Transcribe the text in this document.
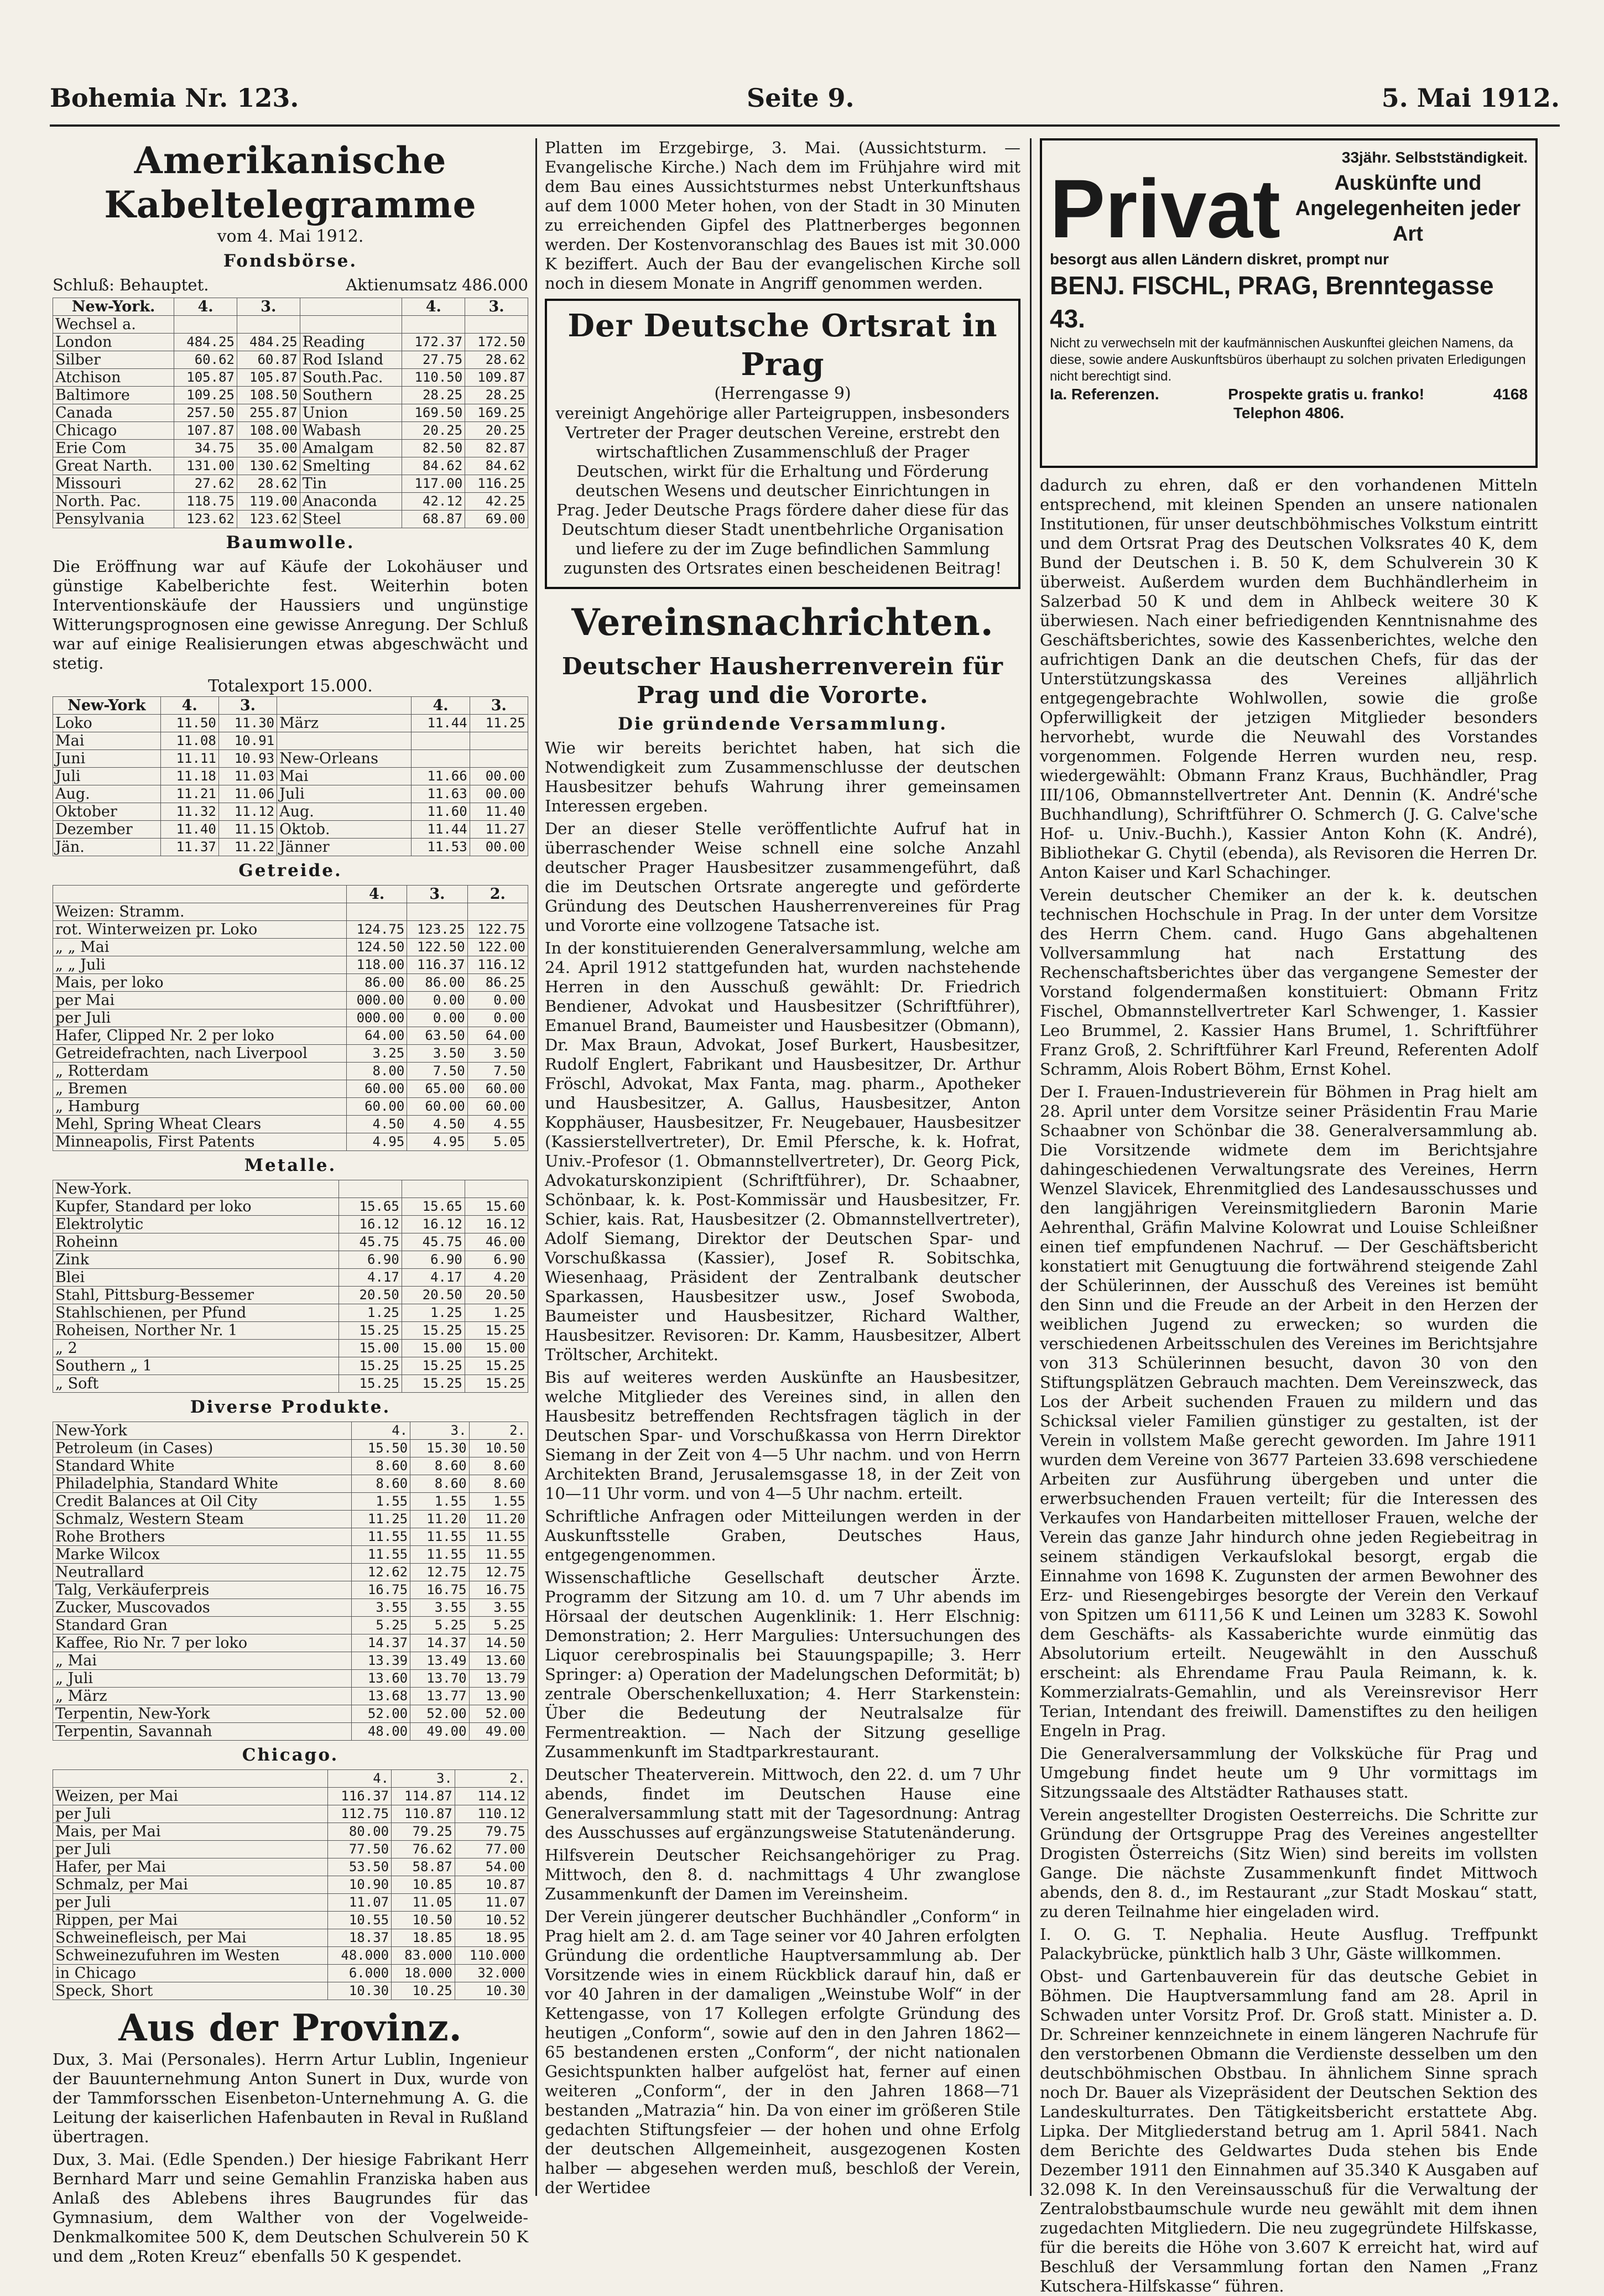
Bohemia Nr. 123.	Seite 9.	5. Mai 1912.
Amerikanische Kabeltelegramme
vom 4. Mai 1912.
Fondsbörse.
Schluß: Behauptet.	Aktienumsatz 486.000
New-York.	4.	3.		4.	3.
Wechsel a.					
London	484.25	484.25	Reading	172.37	172.50
Silber	60.62	60.87	Rod Island	27.75	28.62
Atchison	105.87	105.87	South.Pac.	110.50	109.87
Baltimore	109.25	108.50	Southern	28.25	28.25
Canada	257.50	255.87	Union	169.50	169.25
Chicago	107.87	108.00	Wabash	20.25	20.25
Erie Com	34.75	35.00	Amalgam	82.50	82.87
Great Narth.	131.00	130.62	Smelting	84.62	84.62
Missouri	27.62	28.62	Tin	117.00	116.25
North. Pac.	118.75	119.00	Anaconda	42.12	42.25
Pensylvania	123.62	123.62	Steel	68.87	69.00
Baumwolle.

Die Eröffnung war auf Käufe der Lokohäuser und günstige Kabelberichte fest. Weiterhin boten Interventionskäufe der Haussiers und ungünstige Witterungsprognosen eine gewisse Anregung. Der Schluß war auf einige Realisierungen etwas abgeschwächt und stetig.

Totalexport 15.000.
New-York	4.	3.		4.	3.
Loko	11.50	11.30	März	11.44	11.25
Mai	11.08	10.91			
Juni	11.11	10.93	New-Orleans		
Juli	11.18	11.03	Mai	11.66	00.00
Aug.	11.21	11.06	Juli	11.63	00.00
Oktober	11.32	11.12	Aug.	11.60	11.40
Dezember	11.40	11.15	Oktob.	11.44	11.27
Jän.	11.37	11.22	Jänner	11.53	00.00
Getreide.
	4.	3.	2.
Weizen: Stramm.			
rot. Winterweizen pr. Loko	124.75	123.25	122.75
„ „ Mai	124.50	122.50	122.00
„ „ Juli	118.00	116.37	116.12
Mais, per loko	86.00	86.00	86.25
per Mai	000.00	0.00	0.00
per Juli	000.00	0.00	0.00
Hafer, Clipped Nr. 2 per loko	64.00	63.50	64.00
Getreidefrachten, nach Liverpool	3.25	3.50	3.50
„ Rotterdam	8.00	7.50	7.50
„ Bremen	60.00	65.00	60.00
„ Hamburg	60.00	60.00	60.00
Mehl, Spring Wheat Clears	4.50	4.50	4.55
Minneapolis, First Patents	4.95	4.95	5.05
Metalle.
New-York.			
Kupfer, Standard per loko	15.65	15.65	15.60
Elektrolytic	16.12	16.12	16.12
Roheinn	45.75	45.75	46.00
Zink	6.90	6.90	6.90
Blei	4.17	4.17	4.20
Stahl, Pittsburg-Bessemer	20.50	20.50	20.50
Stahlschienen, per Pfund	1.25	1.25	1.25
Roheisen, Norther Nr. 1	15.25	15.25	15.25
„ 2	15.00	15.00	15.00
Southern „ 1	15.25	15.25	15.25
„ Soft	15.25	15.25	15.25
Diverse Produkte.
New-York	4.	3.	2.
Petroleum (in Cases)	15.50	15.30	10.50
Standard White	8.60	8.60	8.60
Philadelphia, Standard White	8.60	8.60	8.60
Credit Balances at Oil City	1.55	1.55	1.55
Schmalz, Western Steam	11.25	11.20	11.20
Rohe Brothers	11.55	11.55	11.55
Marke Wilcox	11.55	11.55	11.55
Neutrallard	12.62	12.75	12.75
Talg, Verkäuferpreis	16.75	16.75	16.75
Zucker, Muscovados	3.55	3.55	3.55
Standard Gran	5.25	5.25	5.25
Kaffee, Rio Nr. 7 per loko	14.37	14.37	14.50
„ Mai	13.39	13.49	13.60
„ Juli	13.60	13.70	13.79
„ März	13.68	13.77	13.90
Terpentin, New-York	52.00	52.00	52.00
Terpentin, Savannah	48.00	49.00	49.00
Chicago.
	4.	3.	2.
Weizen, per Mai	116.37	114.87	114.12
per Juli	112.75	110.87	110.12
Mais, per Mai	80.00	79.25	79.75
per Juli	77.50	76.62	77.00
Hafer, per Mai	53.50	58.87	54.00
Schmalz, per Mai	10.90	10.85	10.87
per Juli	11.07	11.05	11.07
Rippen, per Mai	10.55	10.50	10.52
Schweinefleisch, per Mai	18.37	18.85	18.95
Schweinezufuhren im Westen	48.000	83.000	110.000
in Chicago	6.000	18.000	32.000
Speck, Short	10.30	10.25	10.30
Aus der Provinz.

Dux, 3. Mai (Personales). Herrn Artur Lublin, Ingenieur der Bauunternehmung Anton Sunert in Dux, wurde von der Tammforsschen Eisenbeton-Unternehmung A. G. die Leitung der kaiserlichen Hafenbauten in Reval in Rußland übertragen.

Dux, 3. Mai. (Edle Spenden.) Der hiesige Fabrikant Herr Bernhard Marr und seine Gemahlin Franziska haben aus Anlaß des Ablebens ihres Baugrundes für das Gymnasium, dem Walther von der Vogelweide-Denkmalkomitee 500 K, dem Deutschen Schulverein 50 K und dem „Roten Kreuz“ ebenfalls 50 K gespendet.

Platten im Erzgebirge, 3. Mai. (Aussichtsturm. — Evangelische Kirche.) Nach dem im Frühjahre wird mit dem Bau eines Aussichtsturmes nebst Unterkunftshaus auf dem 1000 Meter hohen, von der Stadt in 30 Minuten zu erreichenden Gipfel des Plattnerberges begonnen werden. Der Kostenvoranschlag des Baues ist mit 30.000 K beziffert. Auch der Bau der evangelischen Kirche soll noch in diesem Monate in Angriff genommen werden.

Der Deutsche Ortsrat in Prag
(Herrengasse 9)

vereinigt Angehörige aller Parteigruppen, insbesonders Vertreter der Prager deutschen Vereine, erstrebt den wirtschaftlichen Zusammenschluß der Prager Deutschen, wirkt für die Erhaltung und Förderung deutschen Wesens und deutscher Einrichtungen in Prag. Jeder Deutsche Prags fördere daher diese für das Deutschtum dieser Stadt unentbehrliche Organisation und liefere zu der im Zuge befindlichen Sammlung zugunsten des Ortsrates einen bescheidenen Beitrag!

Vereinsnachrichten.
Deutscher Hausherrenverein für Prag und die Vororte.
Die gründende Versammlung.

Wie wir bereits berichtet haben, hat sich die Notwendigkeit zum Zusammenschlusse der deutschen Hausbesitzer behufs Wahrung ihrer gemeinsamen Interessen ergeben.

Der an dieser Stelle veröffentlichte Aufruf hat in überraschender Weise schnell eine solche Anzahl deutscher Prager Hausbesitzer zusammengeführt, daß die im Deutschen Ortsrate angeregte und geförderte Gründung des Deutschen Hausherrenvereines für Prag und Vororte eine vollzogene Tatsache ist.

In der konstituierenden Generalversammlung, welche am 24. April 1912 stattgefunden hat, wurden nachstehende Herren in den Ausschuß gewählt: Dr. Friedrich Bendiener, Advokat und Hausbesitzer (Schriftführer), Emanuel Brand, Baumeister und Hausbesitzer (Obmann), Dr. Max Braun, Advokat, Josef Burkert, Hausbesitzer, Rudolf Englert, Fabrikant und Hausbesitzer, Dr. Arthur Fröschl, Advokat, Max Fanta, mag. pharm., Apotheker und Hausbesitzer, A. Gallus, Hausbesitzer, Anton Kopphäuser, Hausbesitzer, Fr. Neugebauer, Hausbesitzer (Kassierstellvertreter), Dr. Emil Pfersche, k. k. Hofrat, Univ.-Profesor (1. Obmannstellvertreter), Dr. Georg Pick, Advokaturskonzipient (Schriftführer), Dr. Schaabner, Schönbaar, k. k. Post-Kommissär und Hausbesitzer, Fr. Schier, kais. Rat, Hausbesitzer (2. Obmannstellvertreter), Adolf Siemang, Direktor der Deutschen Spar- und Vorschußkassa (Kassier), Josef R. Sobitschka, Wiesenhaag, Präsident der Zentralbank deutscher Sparkassen, Hausbesitzer usw., Josef Swoboda, Baumeister und Hausbesitzer, Richard Walther, Hausbesitzer. Revisoren: Dr. Kamm, Hausbesitzer, Albert Tröltscher, Architekt.

Bis auf weiteres werden Auskünfte an Hausbesitzer, welche Mitglieder des Vereines sind, in allen den Hausbesitz betreffenden Rechtsfragen täglich in der Deutschen Spar- und Vorschußkassa von Herrn Direktor Siemang in der Zeit von 4—5 Uhr nachm. und von Herrn Architekten Brand, Jerusalemsgasse 18, in der Zeit von 10—11 Uhr vorm. und von 4—5 Uhr nachm. erteilt.

Schriftliche Anfragen oder Mitteilungen werden in der Auskunftsstelle Graben, Deutsches Haus, entgegengenommen.

Wissenschaftliche Gesellschaft deutscher Ärzte. Programm der Sitzung am 10. d. um 7 Uhr abends im Hörsaal der deutschen Augenklinik: 1. Herr Elschnig: Demonstration; 2. Herr Margulies: Untersuchungen des Liquor cerebrospinalis bei Stauungspapille; 3. Herr Springer: a) Operation der Madelungschen Deformität; b) zentrale Oberschenkelluxation; 4. Herr Starkenstein: Über die Bedeutung der Neutralsalze für Fermentreaktion. — Nach der Sitzung gesellige Zusammenkunft im Stadtparkrestaurant.

Deutscher Theaterverein. Mittwoch, den 22. d. um 7 Uhr abends, findet im Deutschen Hause eine Generalversammlung statt mit der Tagesordnung: Antrag des Ausschusses auf ergänzungsweise Statutenänderung.

Hilfsverein Deutscher Reichsangehöriger zu Prag. Mittwoch, den 8. d. nachmittags 4 Uhr zwanglose Zusammenkunft der Damen im Vereinsheim.

Der Verein jüngerer deutscher Buchhändler „Conform“ in Prag hielt am 2. d. am Tage seiner vor 40 Jahren erfolgten Gründung die ordentliche Hauptversammlung ab. Der Vorsitzende wies in einem Rückblick darauf hin, daß er vor 40 Jahren in der damaligen „Weinstube Wolf“ in der Kettengasse, von 17 Kollegen erfolgte Gründung des heutigen „Conform“, sowie auf den in den Jahren 1862—65 bestandenen ersten „Conform“, der nicht nationalen Gesichtspunkten halber aufgelöst hat, ferner auf einen weiteren „Conform“, der in den Jahren 1868—71 bestanden „Matrazia“ hin. Da von einer im größeren Stile gedachten Stiftungsfeier — der hohen und ohne Erfolg der deutschen Allgemeinheit, ausgezogenen Kosten halber — abgesehen werden muß, beschloß der Verein, der Wertidee

33jähr. Selbstständigkeit.
Privat	Auskünfte und Angelegenheiten jeder Art
besorgt aus allen Ländern diskret, prompt nur
BENJ. FISCHL, PRAG, Brenntegasse 43.
Nicht zu verwechseln mit der kaufmännischen Auskunftei gleichen Namens, da diese, sowie andere Auskunftsbüros überhaupt zu solchen privaten Erledigungen nicht berechtigt sind.
Ia. Referenzen.	Prospekte gratis u. franko!	4168
Telephon 4806.

dadurch zu ehren, daß er den vorhandenen Mitteln entsprechend, mit kleinen Spenden an unsere nationalen Institutionen, für unser deutschböhmisches Volkstum eintritt und dem Ortsrat Prag des Deutschen Volksrates 40 K, dem Bund der Deutschen i. B. 50 K, dem Schulverein 30 K überweist. Außerdem wurden dem Buchhändlerheim in Salzerbad 50 K und dem in Ahlbeck weitere 30 K überwiesen. Nach einer befriedigenden Kenntnisnahme des Geschäftsberichtes, sowie des Kassenberichtes, welche den aufrichtigen Dank an die deutschen Chefs, für das der Unterstützungskassa des Vereines alljährlich entgegengebrachte Wohlwollen, sowie die große Opferwilligkeit der jetzigen Mitglieder besonders hervorhebt, wurde die Neuwahl des Vorstandes vorgenommen. Folgende Herren wurden neu, resp. wiedergewählt: Obmann Franz Kraus, Buchhändler, Prag III/106, Obmannstellvertreter Ant. Dennin (K. André'sche Buchhandlung), Schriftführer O. Schmerch (J. G. Calve'sche Hof- u. Univ.-Buchh.), Kassier Anton Kohn (K. André), Bibliothekar G. Chytil (ebenda), als Revisoren die Herren Dr. Anton Kaiser und Karl Schachinger.

Verein deutscher Chemiker an der k. k. deutschen technischen Hochschule in Prag. In der unter dem Vorsitze des Herrn Chem. cand. Hugo Gans abgehaltenen Vollversammlung hat nach Erstattung des Rechenschaftsberichtes über das vergangene Semester der Vorstand folgendermaßen konstituiert: Obmann Fritz Fischel, Obmannstellvertreter Karl Schwenger, 1. Kassier Leo Brummel, 2. Kassier Hans Brumel, 1. Schriftführer Franz Groß, 2. Schriftführer Karl Freund, Referenten Adolf Schramm, Alois Robert Böhm, Ernst Kohel.

Der I. Frauen-Industrieverein für Böhmen in Prag hielt am 28. April unter dem Vorsitze seiner Präsidentin Frau Marie Schaabner von Schönbar die 38. Generalversammlung ab. Die Vorsitzende widmete dem im Berichtsjahre dahingeschiedenen Verwaltungsrate des Vereines, Herrn Wenzel Slavicek, Ehrenmitglied des Landesausschusses und den langjährigen Vereinsmitgliedern Baronin Marie Aehrenthal, Gräfin Malvine Kolowrat und Louise Schleißner einen tief empfundenen Nachruf. — Der Geschäftsbericht konstatiert mit Genugtuung die fortwährend steigende Zahl der Schülerinnen, der Ausschuß des Vereines ist bemüht den Sinn und die Freude an der Arbeit in den Herzen der weiblichen Jugend zu erwecken; so wurden die verschiedenen Arbeitsschulen des Vereines im Berichtsjahre von 313 Schülerinnen besucht, davon 30 von den Stiftungsplätzen Gebrauch machten. Dem Vereinszweck, das Los der Arbeit suchenden Frauen zu mildern und das Schicksal vieler Familien günstiger zu gestalten, ist der Verein in vollstem Maße gerecht geworden. Im Jahre 1911 wurden dem Vereine von 3677 Parteien 33.698 verschiedene Arbeiten zur Ausführung übergeben und unter die erwerbsuchenden Frauen verteilt; für die Interessen des Verkaufes von Handarbeiten mittelloser Frauen, welche der Verein das ganze Jahr hindurch ohne jeden Regiebeitrag in seinem ständigen Verkaufslokal besorgt, ergab die Einnahme von 1698 K. Zugunsten der armen Bewohner des Erz- und Riesengebirges besorgte der Verein den Verkauf von Spitzen um 6111,56 K und Leinen um 3283 K. Sowohl dem Geschäfts- als Kassaberichte wurde einmütig das Absolutorium erteilt. Neugewählt in den Ausschuß erscheint: als Ehrendame Frau Paula Reimann, k. k. Kommerzialrats-Gemahlin, und als Vereinsrevisor Herr Terian, Intendant des freiwill. Damenstiftes zu den heiligen Engeln in Prag.

Die Generalversammlung der Volksküche für Prag und Umgebung findet heute um 9 Uhr vormittags im Sitzungssaale des Altstädter Rathauses statt.

Verein angestellter Drogisten Oesterreichs. Die Schritte zur Gründung der Ortsgruppe Prag des Vereines angestellter Drogisten Österreichs (Sitz Wien) sind bereits im vollsten Gange. Die nächste Zusammenkunft findet Mittwoch abends, den 8. d., im Restaurant „zur Stadt Moskau“ statt, zu deren Teilnahme hier eingeladen wird.

I. O. G. T. Nephalia. Heute Ausflug. Treffpunkt Palackybrücke, pünktlich halb 3 Uhr, Gäste willkommen.

Obst- und Gartenbauverein für das deutsche Gebiet in Böhmen. Die Hauptversammlung fand am 28. April in Schwaden unter Vorsitz Prof. Dr. Groß statt. Minister a. D. Dr. Schreiner kennzeichnete in einem längeren Nachrufe für den verstorbenen Obmann die Verdienste desselben um den deutschböhmischen Obstbau. In ähnlichem Sinne sprach noch Dr. Bauer als Vizepräsident der Deutschen Sektion des Landeskulturrates. Den Tätigkeitsbericht erstattete Abg. Lipka. Der Mitgliederstand betrug am 1. April 5841. Nach dem Berichte des Geldwartes Duda stehen bis Ende Dezember 1911 den Einnahmen auf 35.340 K Ausgaben auf 32.098 K. In den Vereinsausschuß für die Verwaltung der Zentralobstbaumschule wurde neu gewählt mit dem ihnen zugedachten Mitgliedern. Die neu zugegründete Hilfskasse, für die bereits die Höhe von 3.607 K erreicht hat, wird auf Beschluß der Versammlung fortan den Namen „Franz Kutschera-Hilfskasse“ führen.
